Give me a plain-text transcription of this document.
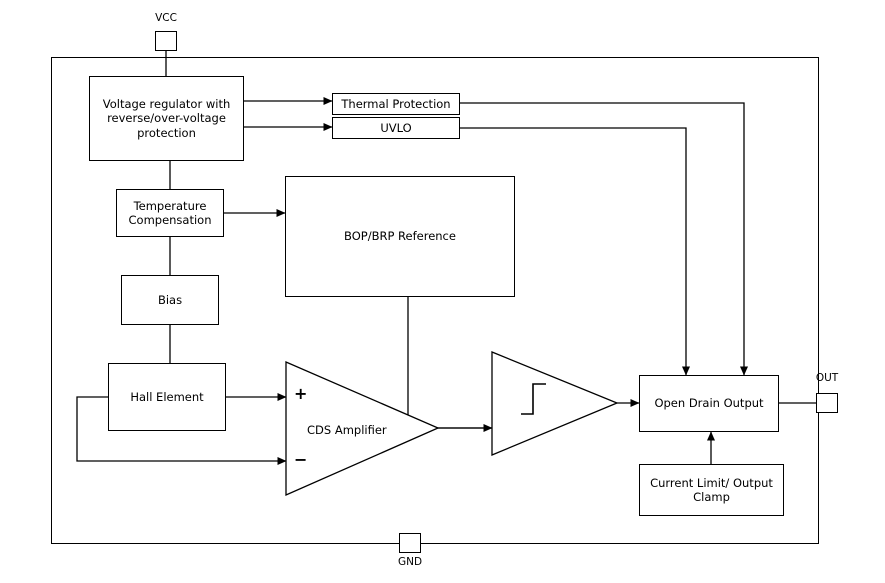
VCC
GND
OUT
Voltage regulator with reverse/over-voltage protection
Thermal Protection
UVLO
Temperature Compensation
BOP/BRP Reference
Bias
Hall Element	Open Drain Output
Current Limit/ Output Clamp
CDS Amplifier
+
−
